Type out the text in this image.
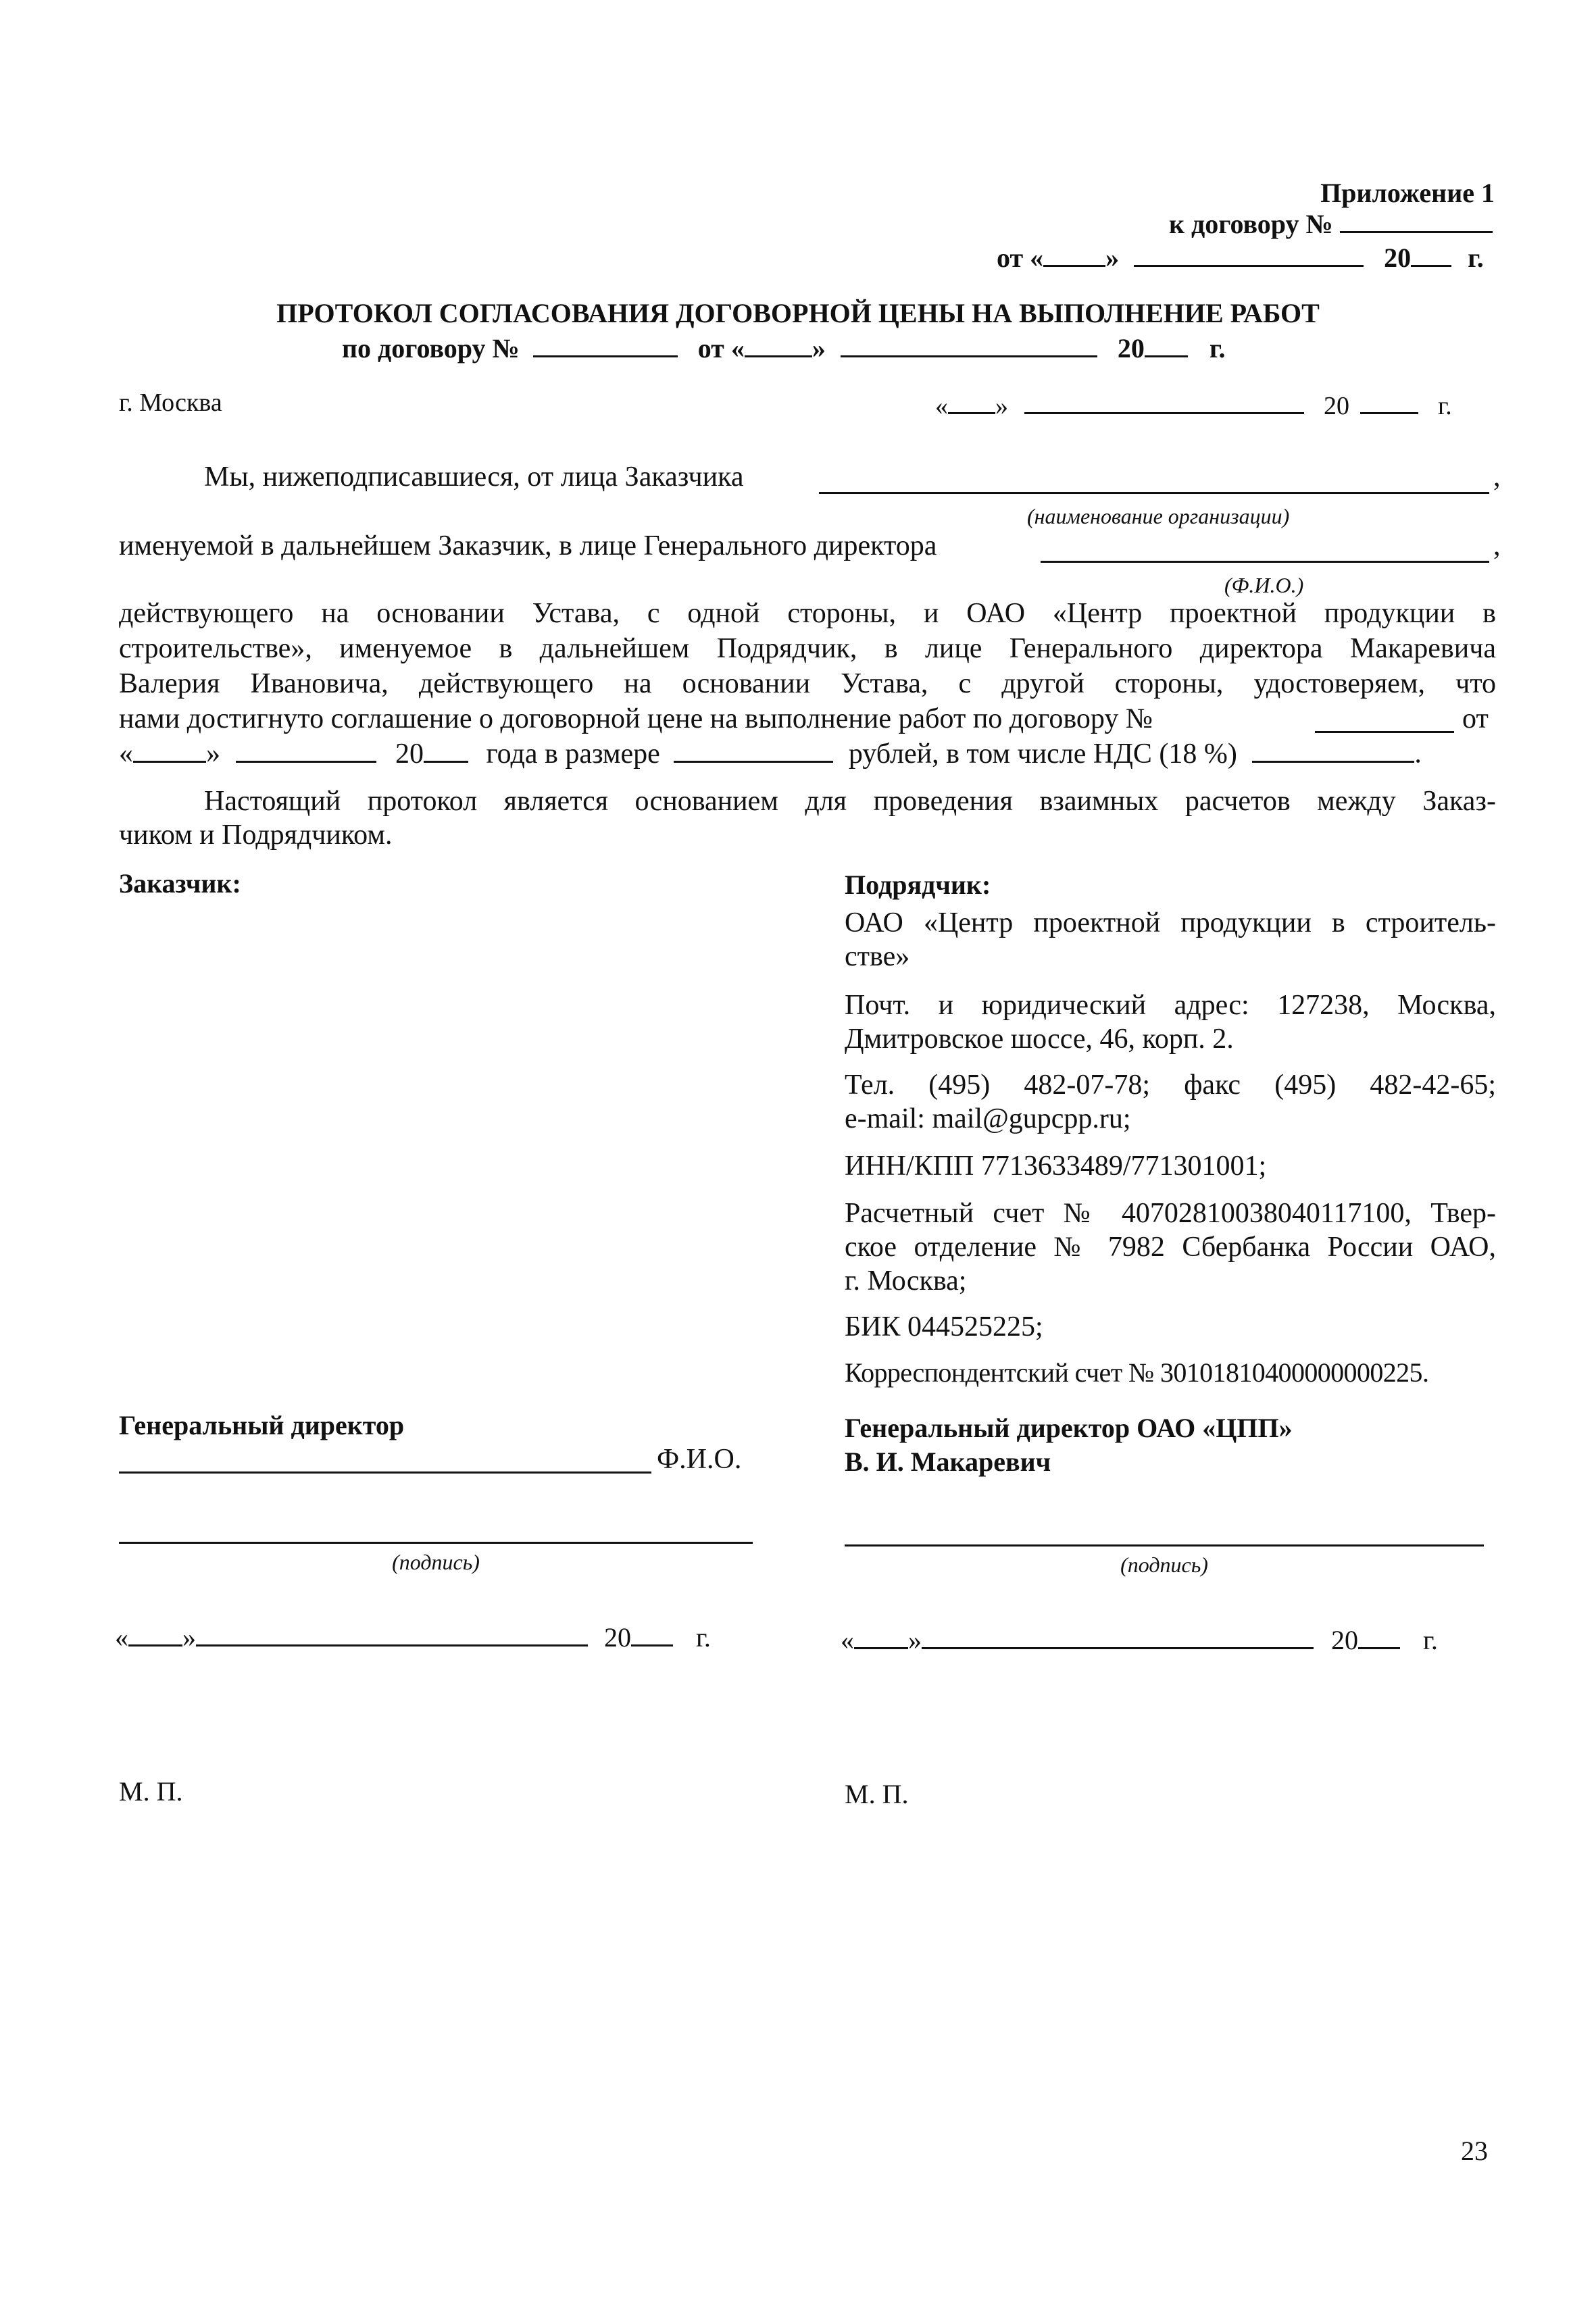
Приложение 1
к договору №
от « »	20 г.
ПРОТОКОЛ СОГЛАСОВАНИЯ ДОГОВОРНОЙ ЦЕНЫ НА ВЫПОЛНЕНИЕ РАБОТ
по договору №	от «	»	20 г.
г. Москва	« »	20	г.
Мы, нижеподписавшиеся, от лица Заказчика	,
(наименование организации)
именуемой в дальнейшем Заказчик, в лице Генерального директора	,
(Ф.И.О.)
действующего на основании Устава, с одной стороны, и ОАО «Центр проектной продукции в
строительстве», именуемое в дальнейшем Подрядчик, в лице Генерального директора Макаревича
Валерия Ивановича, действующего на основании Устава, с другой стороны, удостоверяем, что
нами достигнуто соглашение о договорной цене на выполнение работ по договору №	от
«	»	20 года в размере	рублей, в том числе НДС (18 %)	.
Настоящий протокол является основанием для проведения взаимных расчетов между Заказ-
чиком и Подрядчиком.
Заказчик:
Генеральный директор
Ф.И.О.
(подпись)
« »	20 г.
М. П.
Подрядчик:
ОАО «Центр проектной продукции в строитель-
стве»
Почт. и юридический адрес: 127238, Москва,
Дмитровское шоссе, 46, корп. 2.
Тел. (495) 482-07-78; факс (495) 482-42-65;
e-mail: mail@gupcpp.ru;
ИНН/КПП 7713633489/771301001;
Расчетный счет № 40702810038040117100, Твер-
ское отделение № 7982 Сбербанка России ОАО,
г. Москва;
БИК 044525225;
Корреспондентский счет № 30101810400000000225.
Генеральный директор ОАО «ЦПП»
В. И. Макаревич
(подпись)
« »	20 г.
М. П.
23
